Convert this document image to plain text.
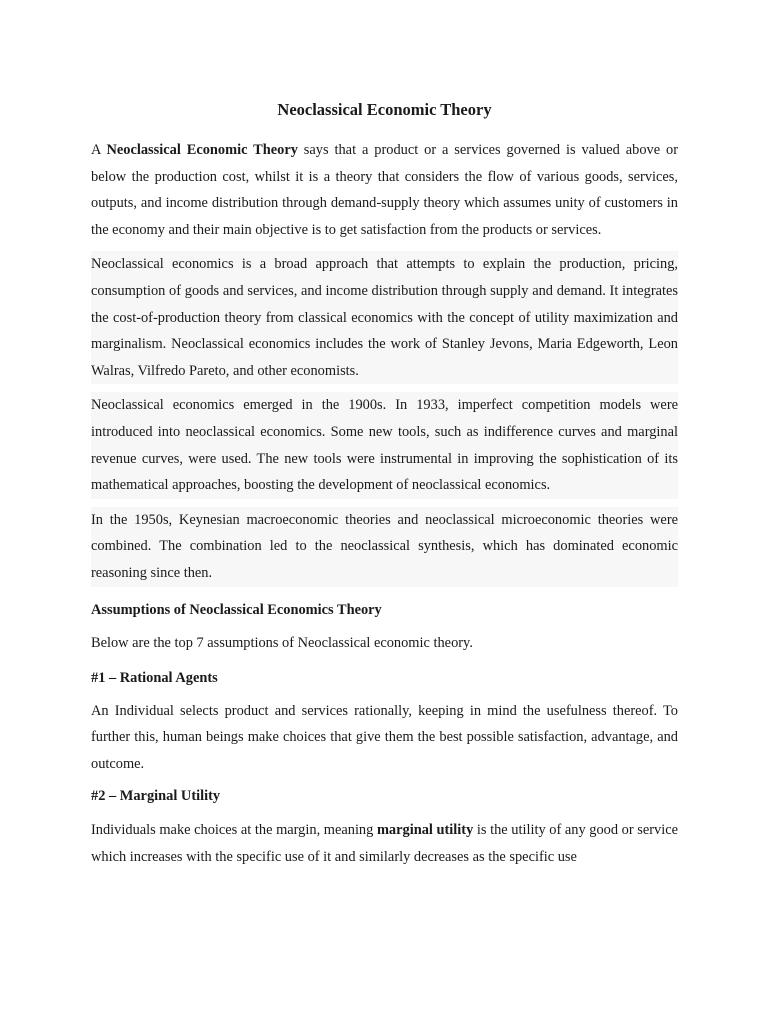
Neoclassical Economic Theory

A Neoclassical Economic Theory says that a product or a services governed is valued above or below the production cost, whilst it is a theory that considers the flow of various goods, services, outputs, and income distribution through demand-supply theory which assumes unity of customers in the economy and their main objective is to get satisfaction from the products or services.

Neoclassical economics is a broad approach that attempts to explain the production, pricing, consumption of goods and services, and income distribution through supply and demand. It integrates the cost-of-production theory from classical economics with the concept of utility maximization and marginalism. Neoclassical economics includes the work of Stanley Jevons, Maria Edgeworth, Leon Walras, Vilfredo Pareto, and other economists.

Neoclassical economics emerged in the 1900s. In 1933, imperfect competition models were introduced into neoclassical economics. Some new tools, such as indifference curves and marginal revenue curves, were used. The new tools were instrumental in improving the sophistication of its mathematical approaches, boosting the development of neoclassical economics.

In the 1950s, Keynesian macroeconomic theories and neoclassical microeconomic theories were combined. The combination led to the neoclassical synthesis, which has dominated economic reasoning since then.

Assumptions of Neoclassical Economics Theory

Below are the top 7 assumptions of Neoclassical economic theory.

#1 – Rational Agents

An Individual selects product and services rationally, keeping in mind the usefulness thereof. To further this, human beings make choices that give them the best possible satisfaction, advantage, and outcome.

#2 – Marginal Utility

Individuals make choices at the margin, meaning marginal utility is the utility of any good or service which increases with the specific use of it and similarly decreases as the specific use
